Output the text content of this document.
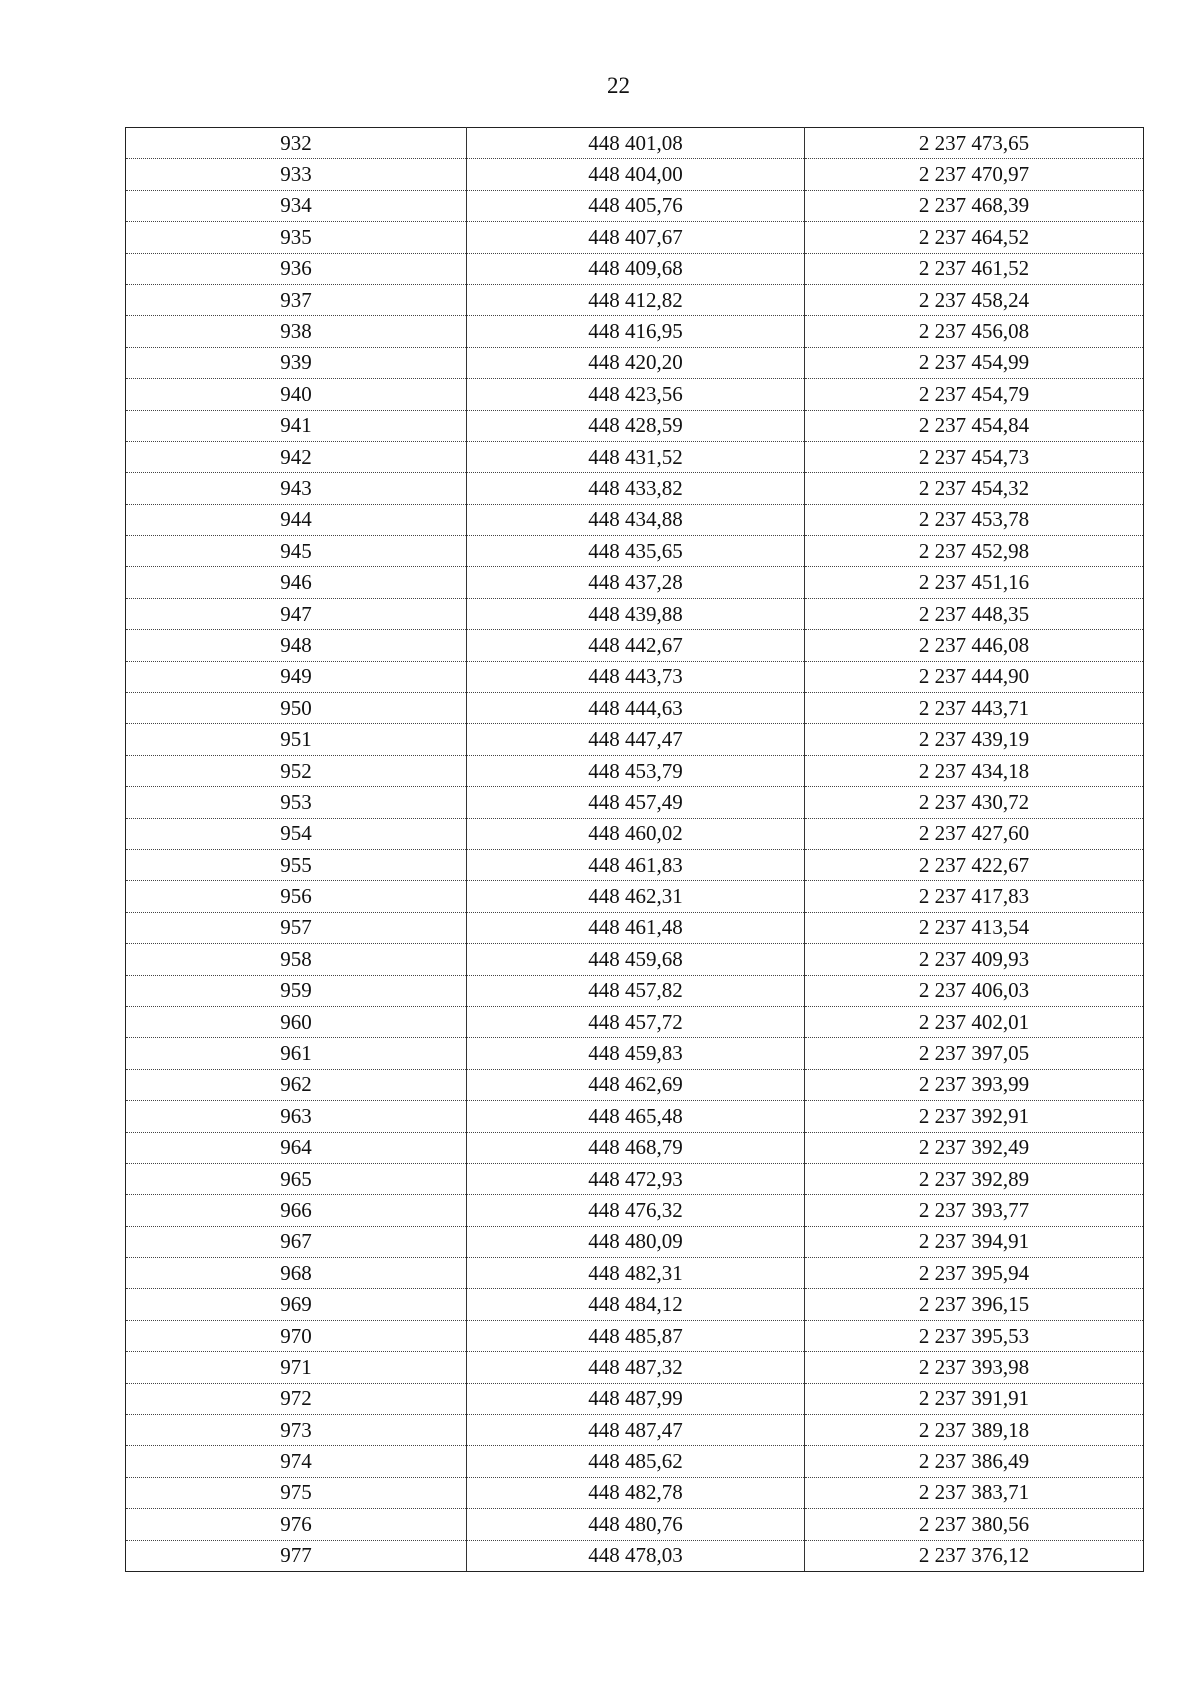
22
932	448 401,08	2 237 473,65
933	448 404,00	2 237 470,97
934	448 405,76	2 237 468,39
935	448 407,67	2 237 464,52
936	448 409,68	2 237 461,52
937	448 412,82	2 237 458,24
938	448 416,95	2 237 456,08
939	448 420,20	2 237 454,99
940	448 423,56	2 237 454,79
941	448 428,59	2 237 454,84
942	448 431,52	2 237 454,73
943	448 433,82	2 237 454,32
944	448 434,88	2 237 453,78
945	448 435,65	2 237 452,98
946	448 437,28	2 237 451,16
947	448 439,88	2 237 448,35
948	448 442,67	2 237 446,08
949	448 443,73	2 237 444,90
950	448 444,63	2 237 443,71
951	448 447,47	2 237 439,19
952	448 453,79	2 237 434,18
953	448 457,49	2 237 430,72
954	448 460,02	2 237 427,60
955	448 461,83	2 237 422,67
956	448 462,31	2 237 417,83
957	448 461,48	2 237 413,54
958	448 459,68	2 237 409,93
959	448 457,82	2 237 406,03
960	448 457,72	2 237 402,01
961	448 459,83	2 237 397,05
962	448 462,69	2 237 393,99
963	448 465,48	2 237 392,91
964	448 468,79	2 237 392,49
965	448 472,93	2 237 392,89
966	448 476,32	2 237 393,77
967	448 480,09	2 237 394,91
968	448 482,31	2 237 395,94
969	448 484,12	2 237 396,15
970	448 485,87	2 237 395,53
971	448 487,32	2 237 393,98
972	448 487,99	2 237 391,91
973	448 487,47	2 237 389,18
974	448 485,62	2 237 386,49
975	448 482,78	2 237 383,71
976	448 480,76	2 237 380,56
977	448 478,03	2 237 376,12
